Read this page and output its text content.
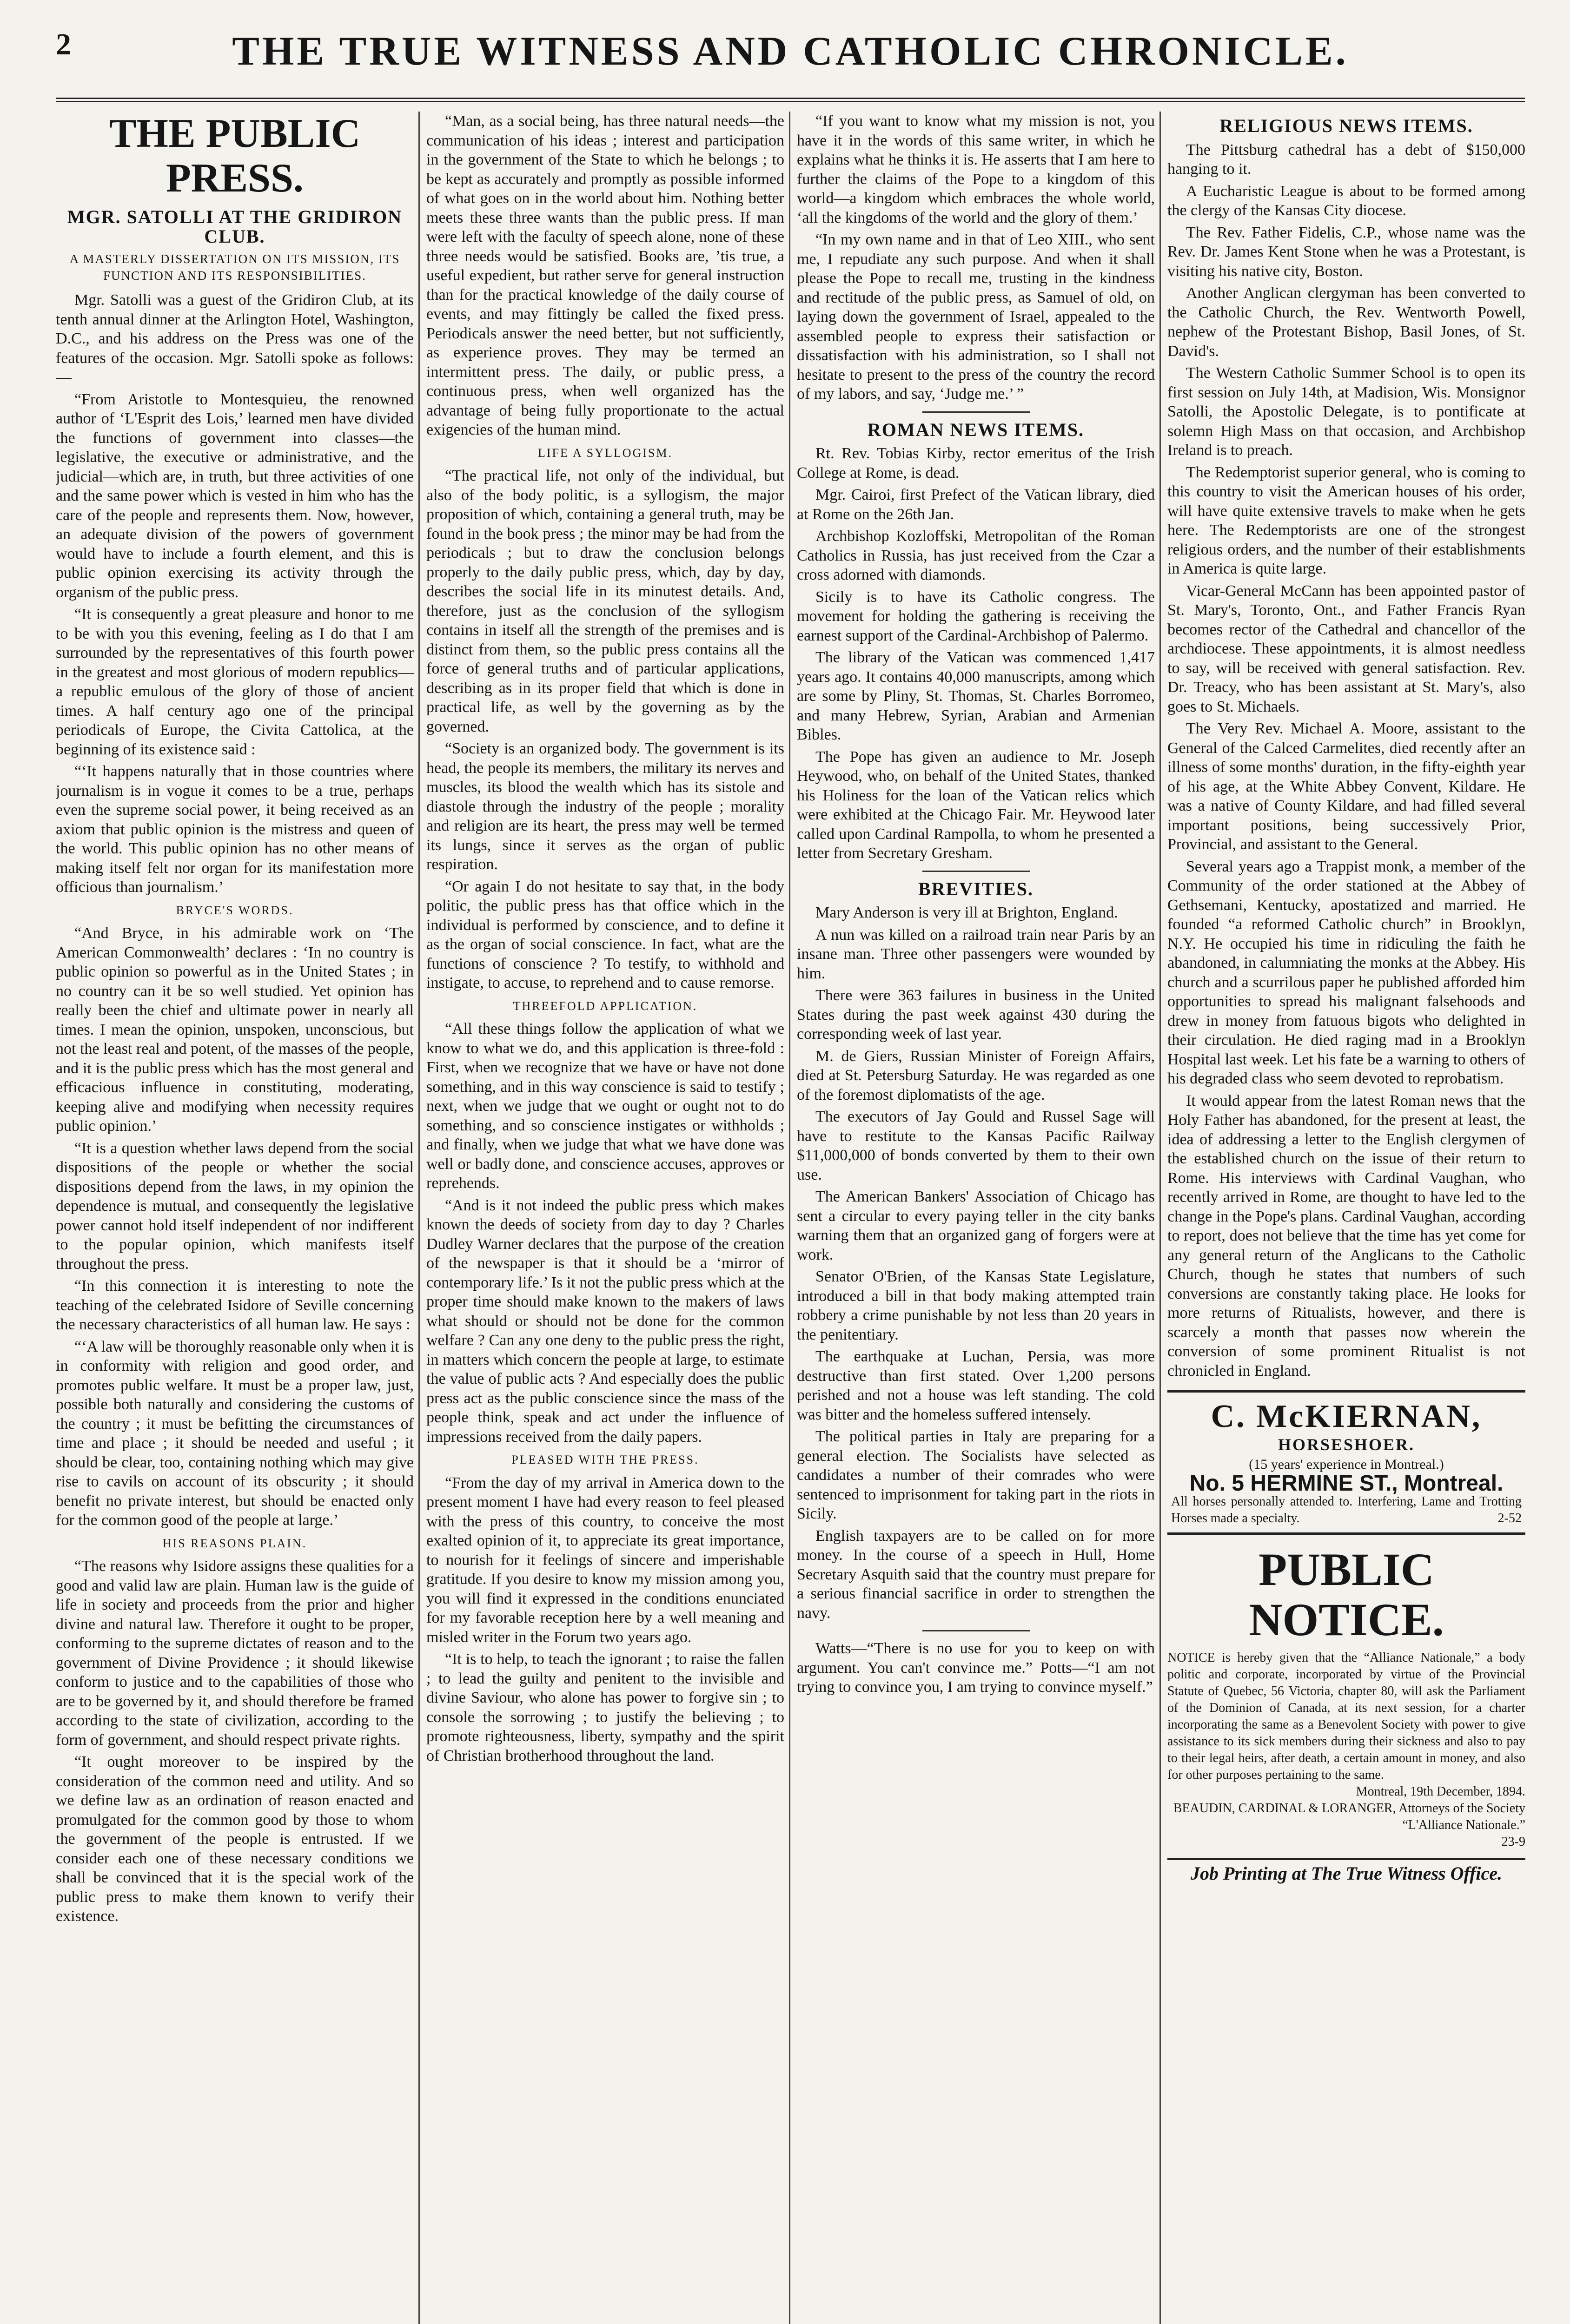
2	THE TRUE WITNESS AND CATHOLIC CHRONICLE.
THE PUBLIC PRESS.
MGR. SATOLLI AT THE GRIDIRON CLUB.
A MASTERLY DISSERTATION ON ITS MISSION, ITS FUNCTION AND ITS RESPONSIBILITIES.

Mgr. Satolli was a guest of the Gridiron Club, at its tenth annual dinner at the Arlington Hotel, Washington, D.C., and his address on the Press was one of the features of the occasion. Mgr. Satolli spoke as follows:—

“From Aristotle to Montesquieu, the renowned author of ‘L'Esprit des Lois,’ learned men have divided the functions of government into classes—the legislative, the executive or administrative, and the judicial—which are, in truth, but three activities of one and the same power which is vested in him who has the care of the people and represents them. Now, however, an adequate division of the powers of government would have to include a fourth element, and this is public opinion exercising its activity through the organism of the public press.

“It is consequently a great pleasure and honor to me to be with you this evening, feeling as I do that I am surrounded by the representatives of this fourth power in the greatest and most glorious of modern republics—a republic emulous of the glory of those of ancient times. A half century ago one of the principal periodicals of Europe, the Civita Cattolica, at the beginning of its existence said :

“‘It happens naturally that in those countries where journalism is in vogue it comes to be a true, perhaps even the supreme social power, it being received as an axiom that public opinion is the mistress and queen of the world. This public opinion has no other means of making itself felt nor organ for its manifestation more officious than journalism.’

BRYCE'S WORDS.

“And Bryce, in his admirable work on ‘The American Commonwealth’ declares : ‘In no country is public opinion so powerful as in the United States ; in no country can it be so well studied. Yet opinion has really been the chief and ultimate power in nearly all times. I mean the opinion, unspoken, unconscious, but not the least real and potent, of the masses of the people, and it is the public press which has the most general and efficacious influence in constituting, moderating, keeping alive and modifying when necessity requires public opinion.’

“It is a question whether laws depend from the social dispositions of the people or whether the social dispositions depend from the laws, in my opinion the dependence is mutual, and consequently the legislative power cannot hold itself independent of nor indifferent to the popular opinion, which manifests itself throughout the press.

“In this connection it is interesting to note the teaching of the celebrated Isidore of Seville concerning the necessary characteristics of all human law. He says :

“‘A law will be thoroughly reasonable only when it is in conformity with religion and good order, and promotes public welfare. It must be a proper law, just, possible both naturally and considering the customs of the country ; it must be befitting the circumstances of time and place ; it should be needed and useful ; it should be clear, too, containing nothing which may give rise to cavils on account of its obscurity ; it should benefit no private interest, but should be enacted only for the common good of the people at large.’

HIS REASONS PLAIN.

“The reasons why Isidore assigns these qualities for a good and valid law are plain. Human law is the guide of life in society and proceeds from the prior and higher divine and natural law. Therefore it ought to be proper, conforming to the supreme dictates of reason and to the government of Divine Providence ; it should likewise conform to justice and to the capabilities of those who are to be governed by it, and should therefore be framed according to the state of civilization, according to the form of government, and should respect private rights.

“It ought moreover to be inspired by the consideration of the common need and utility. And so we define law as an ordination of reason enacted and promulgated for the common good by those to whom the government of the people is entrusted. If we consider each one of these necessary conditions we shall be convinced that it is the special work of the public press to make them known to verify their existence.

“Man, as a social being, has three natural needs—the communication of his ideas ; interest and participation in the government of the State to which he belongs ; to be kept as accurately and promptly as possible informed of what goes on in the world about him. Nothing better meets these three wants than the public press. If man were left with the faculty of speech alone, none of these three needs would be satisfied. Books are, ’tis true, a useful expedient, but rather serve for general instruction than for the practical knowledge of the daily course of events, and may fittingly be called the fixed press. Periodicals answer the need better, but not sufficiently, as experience proves. They may be termed an intermittent press. The daily, or public press, a continuous press, when well organized has the advantage of being fully proportionate to the actual exigencies of the human mind.

LIFE A SYLLOGISM.

“The practical life, not only of the individual, but also of the body politic, is a syllogism, the major proposition of which, containing a general truth, may be found in the book press ; the minor may be had from the periodicals ; but to draw the conclusion belongs properly to the daily public press, which, day by day, describes the social life in its minutest details. And, therefore, just as the conclusion of the syllogism contains in itself all the strength of the premises and is distinct from them, so the public press contains all the force of general truths and of particular applications, describing as in its proper field that which is done in practical life, as well by the governing as by the governed.

“Society is an organized body. The government is its head, the people its members, the military its nerves and muscles, its blood the wealth which has its sistole and diastole through the industry of the people ; morality and religion are its heart, the press may well be termed its lungs, since it serves as the organ of public respiration.

“Or again I do not hesitate to say that, in the body politic, the public press has that office which in the individual is performed by conscience, and to define it as the organ of social conscience. In fact, what are the functions of conscience ? To testify, to withhold and instigate, to accuse, to reprehend and to cause remorse.

THREEFOLD APPLICATION.

“All these things follow the application of what we know to what we do, and this application is three-fold : First, when we recognize that we have or have not done something, and in this way conscience is said to testify ; next, when we judge that we ought or ought not to do something, and so conscience instigates or withholds ; and finally, when we judge that what we have done was well or badly done, and conscience accuses, approves or reprehends.

“And is it not indeed the public press which makes known the deeds of society from day to day ? Charles Dudley Warner declares that the purpose of the creation of the newspaper is that it should be a ‘mirror of contemporary life.’ Is it not the public press which at the proper time should make known to the makers of laws what should or should not be done for the common welfare ? Can any one deny to the public press the right, in matters which concern the people at large, to estimate the value of public acts ? And especially does the public press act as the public conscience since the mass of the people think, speak and act under the influence of impressions received from the daily papers.

PLEASED WITH THE PRESS.

“From the day of my arrival in America down to the present moment I have had every reason to feel pleased with the press of this country, to conceive the most exalted opinion of it, to appreciate its great importance, to nourish for it feelings of sincere and imperishable gratitude. If you desire to know my mission among you, you will find it expressed in the conditions enunciated for my favorable reception here by a well meaning and misled writer in the Forum two years ago.

“It is to help, to teach the ignorant ; to raise the fallen ; to lead the guilty and penitent to the invisible and divine Saviour, who alone has power to forgive sin ; to console the sorrowing ; to justify the believing ; to promote righteousness, liberty, sympathy and the spirit of Christian brotherhood throughout the land.

“If you want to know what my mission is not, you have it in the words of this same writer, in which he explains what he thinks it is. He asserts that I am here to further the claims of the Pope to a kingdom of this world—a kingdom which embraces the whole world, ‘all the kingdoms of the world and the glory of them.’

“In my own name and in that of Leo XIII., who sent me, I repudiate any such purpose. And when it shall please the Pope to recall me, trusting in the kindness and rectitude of the public press, as Samuel of old, on laying down the government of Israel, appealed to the assembled people to express their satisfaction or dissatisfaction with his administration, so I shall not hesitate to present to the press of the country the record of my labors, and say, ‘Judge me.’ ”

ROMAN NEWS ITEMS.

Rt. Rev. Tobias Kirby, rector emeritus of the Irish College at Rome, is dead.

Mgr. Cairoi, first Prefect of the Vatican library, died at Rome on the 26th Jan.

Archbishop Kozloffski, Metropolitan of the Roman Catholics in Russia, has just received from the Czar a cross adorned with diamonds.

Sicily is to have its Catholic congress. The movement for holding the gathering is receiving the earnest support of the Cardinal-Archbishop of Palermo.

The library of the Vatican was commenced 1,417 years ago. It contains 40,000 manuscripts, among which are some by Pliny, St. Thomas, St. Charles Borromeo, and many Hebrew, Syrian, Arabian and Armenian Bibles.

The Pope has given an audience to Mr. Joseph Heywood, who, on behalf of the United States, thanked his Holiness for the loan of the Vatican relics which were exhibited at the Chicago Fair. Mr. Heywood later called upon Cardinal Rampolla, to whom he presented a letter from Secretary Gresham.

BREVITIES.

Mary Anderson is very ill at Brighton, England.

A nun was killed on a railroad train near Paris by an insane man. Three other passengers were wounded by him.

There were 363 failures in business in the United States during the past week against 430 during the corresponding week of last year.

M. de Giers, Russian Minister of Foreign Affairs, died at St. Petersburg Saturday. He was regarded as one of the foremost diplomatists of the age.

The executors of Jay Gould and Russel Sage will have to restitute to the Kansas Pacific Railway $11,000,000 of bonds converted by them to their own use.

The American Bankers' Association of Chicago has sent a circular to every paying teller in the city banks warning them that an organized gang of forgers were at work.

Senator O'Brien, of the Kansas State Legislature, introduced a bill in that body making attempted train robbery a crime punishable by not less than 20 years in the penitentiary.

The earthquake at Luchan, Persia, was more destructive than first stated. Over 1,200 persons perished and not a house was left standing. The cold was bitter and the homeless suffered intensely.

The political parties in Italy are preparing for a general election. The Socialists have selected as candidates a number of their comrades who were sentenced to imprisonment for taking part in the riots in Sicily.

English taxpayers are to be called on for more money. In the course of a speech in Hull, Home Secretary Asquith said that the country must prepare for a serious financial sacrifice in order to strengthen the navy.

Watts—“There is no use for you to keep on with argument. You can't convince me.” Potts—“I am not trying to convince you, I am trying to convince myself.”

RELIGIOUS NEWS ITEMS.

The Pittsburg cathedral has a debt of $150,000 hanging to it.

A Eucharistic League is about to be formed among the clergy of the Kansas City diocese.

The Rev. Father Fidelis, C.P., whose name was the Rev. Dr. James Kent Stone when he was a Protestant, is visiting his native city, Boston.

Another Anglican clergyman has been converted to the Catholic Church, the Rev. Wentworth Powell, nephew of the Protestant Bishop, Basil Jones, of St. David's.

The Western Catholic Summer School is to open its first session on July 14th, at Madision, Wis. Monsignor Satolli, the Apostolic Delegate, is to pontificate at solemn High Mass on that occasion, and Archbishop Ireland is to preach.

The Redemptorist superior general, who is coming to this country to visit the American houses of his order, will have quite extensive travels to make when he gets here. The Redemptorists are one of the strongest religious orders, and the number of their establishments in America is quite large.

Vicar-General McCann has been appointed pastor of St. Mary's, Toronto, Ont., and Father Francis Ryan becomes rector of the Cathedral and chancellor of the archdiocese. These appointments, it is almost needless to say, will be received with general satisfaction. Rev. Dr. Treacy, who has been assistant at St. Mary's, also goes to St. Michaels.

The Very Rev. Michael A. Moore, assistant to the General of the Calced Carmelites, died recently after an illness of some months' duration, in the fifty-eighth year of his age, at the White Abbey Convent, Kildare. He was a native of County Kildare, and had filled several important positions, being successively Prior, Provincial, and assistant to the General.

Several years ago a Trappist monk, a member of the Community of the order stationed at the Abbey of Gethsemani, Kentucky, apostatized and married. He founded “a reformed Catholic church” in Brooklyn, N.Y. He occupied his time in ridiculing the faith he abandoned, in calumniating the monks at the Abbey. His church and a scurrilous paper he published afforded him opportunities to spread his malignant falsehoods and drew in money from fatuous bigots who delighted in their circulation. He died raging mad in a Brooklyn Hospital last week. Let his fate be a warning to others of his degraded class who seem devoted to reprobatism.

It would appear from the latest Roman news that the Holy Father has abandoned, for the present at least, the idea of addressing a letter to the English clergymen of the established church on the issue of their return to Rome. His interviews with Cardinal Vaughan, who recently arrived in Rome, are thought to have led to the change in the Pope's plans. Cardinal Vaughan, according to report, does not believe that the time has yet come for any general return of the Anglicans to the Catholic Church, though he states that numbers of such conversions are constantly taking place. He looks for more returns of Ritualists, however, and there is scarcely a month that passes now wherein the conversion of some prominent Ritualist is not chronicled in England.

C. McKIERNAN,
HORSESHOER.
(15 years' experience in Montreal.)
No. 5 HERMINE ST., Montreal.
All horses personally attended to. Interfering, Lame and Trotting Horses made a specialty.	2-52
PUBLIC NOTICE.
NOTICE is hereby given that the “Alliance Nationale,” a body politic and corporate, incorporated by virtue of the Provincial Statute of Quebec, 56 Victoria, chapter 80, will ask the Parliament of the Dominion of Canada, at its next session, for a charter incorporating the same as a Benevolent Society with power to give assistance to its sick members during their sickness and also to pay to their legal heirs, after death, a certain amount in money, and also for other purposes pertaining to the same.
Montreal, 19th December, 1894.
BEAUDIN, CARDINAL & LORANGER, Attorneys of the Society “L'Alliance Nationale.”
23-9
Job Printing at The True Witness Office.
